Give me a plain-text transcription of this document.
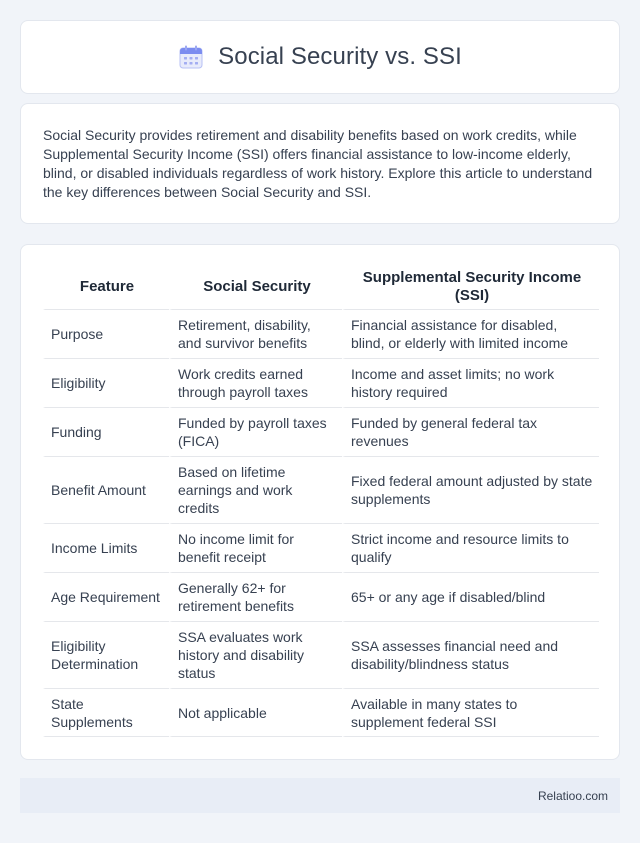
Social Security vs. SSI

Social Security provides retirement and disability benefits based on work credits, while Supplemental Security Income (SSI) offers financial assistance to low-income elderly, blind, or disabled individuals regardless of work history. Explore this article to understand the key differences between Social Security and SSI.

Feature	Social Security	Supplemental Security Income (SSI)
Purpose	Retirement, disability, and survivor benefits	Financial assistance for disabled, blind, or elderly with limited income
Eligibility	Work credits earned through payroll taxes	Income and asset limits; no work history required
Funding	Funded by payroll taxes (FICA)	Funded by general federal tax revenues
Benefit Amount	Based on lifetime earnings and work credits	Fixed federal amount adjusted by state supplements
Income Limits	No income limit for benefit receipt	Strict income and resource limits to qualify
Age Requirement	Generally 62+ for retirement benefits	65+ or any age if disabled/blind
Eligibility Determination	SSA evaluates work history and disability status	SSA assesses financial need and disability/blindness status
State Supplements	Not applicable	Available in many states to supplement federal SSI
Relatioo.com
